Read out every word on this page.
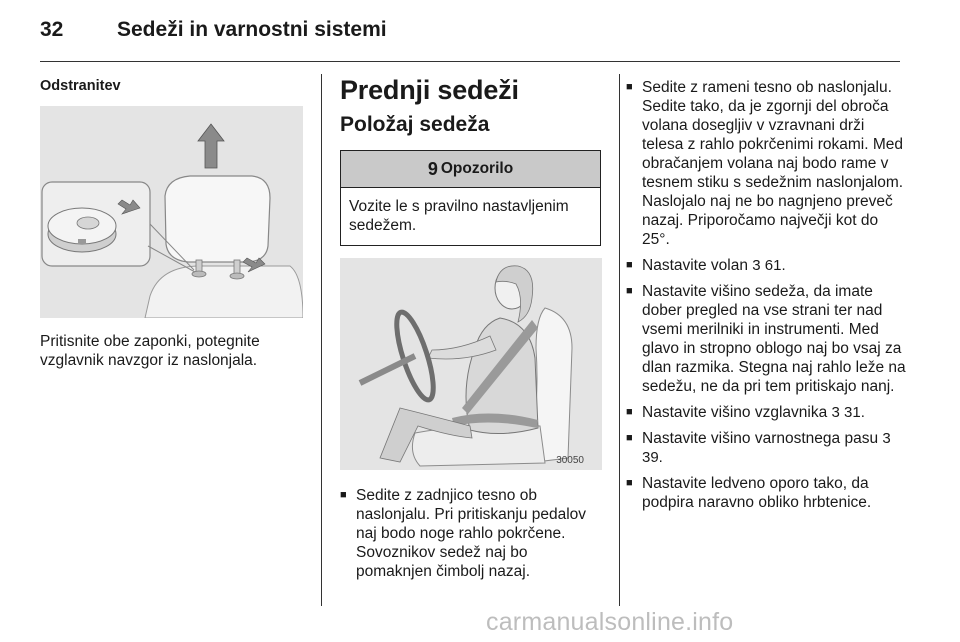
32	Sedeži in varnostni sistemi

Odstranitev

Pritisnite obe zaponki, potegnite vzglavnik navzgor iz naslonjala.

Prednji sedeži
Položaj sedeža
9 Opozorilo
Vozite le s pravilno nastavljenim sedežem.
30050
■ Sedite z zadnjico tesno ob naslonjalu. Pri pritiskanju pedalov naj bodo noge rahlo pokrčene. Sovoznikov sedež naj bo pomaknjen čimbolj nazaj.
■ Sedite z rameni tesno ob naslonjalu. Sedite tako, da je zgornji del obroča volana dosegljiv v vzravnani drži telesa z rahlo pokrčenimi rokami. Med obračanjem volana naj bodo rame v tesnem stiku s sedežnim naslonjalom. Naslojalo naj ne bo nagnjeno preveč nazaj. Priporočamo največji kot do 25°.
■ Nastavite volan 3 61.
■ Nastavite višino sedeža, da imate dober pregled na vse strani ter nad vsemi merilniki in instrumenti. Med glavo in stropno oblogo naj bo vsaj za dlan razmika. Stegna naj rahlo leže na sedežu, ne da pri tem pritiskajo nanj.
■ Nastavite višino vzglavnika 3 31.
■ Nastavite višino varnostnega pasu 3 39.
■ Nastavite ledveno oporo tako, da podpira naravno obliko hrbtenice.
carmanualsonline.info
